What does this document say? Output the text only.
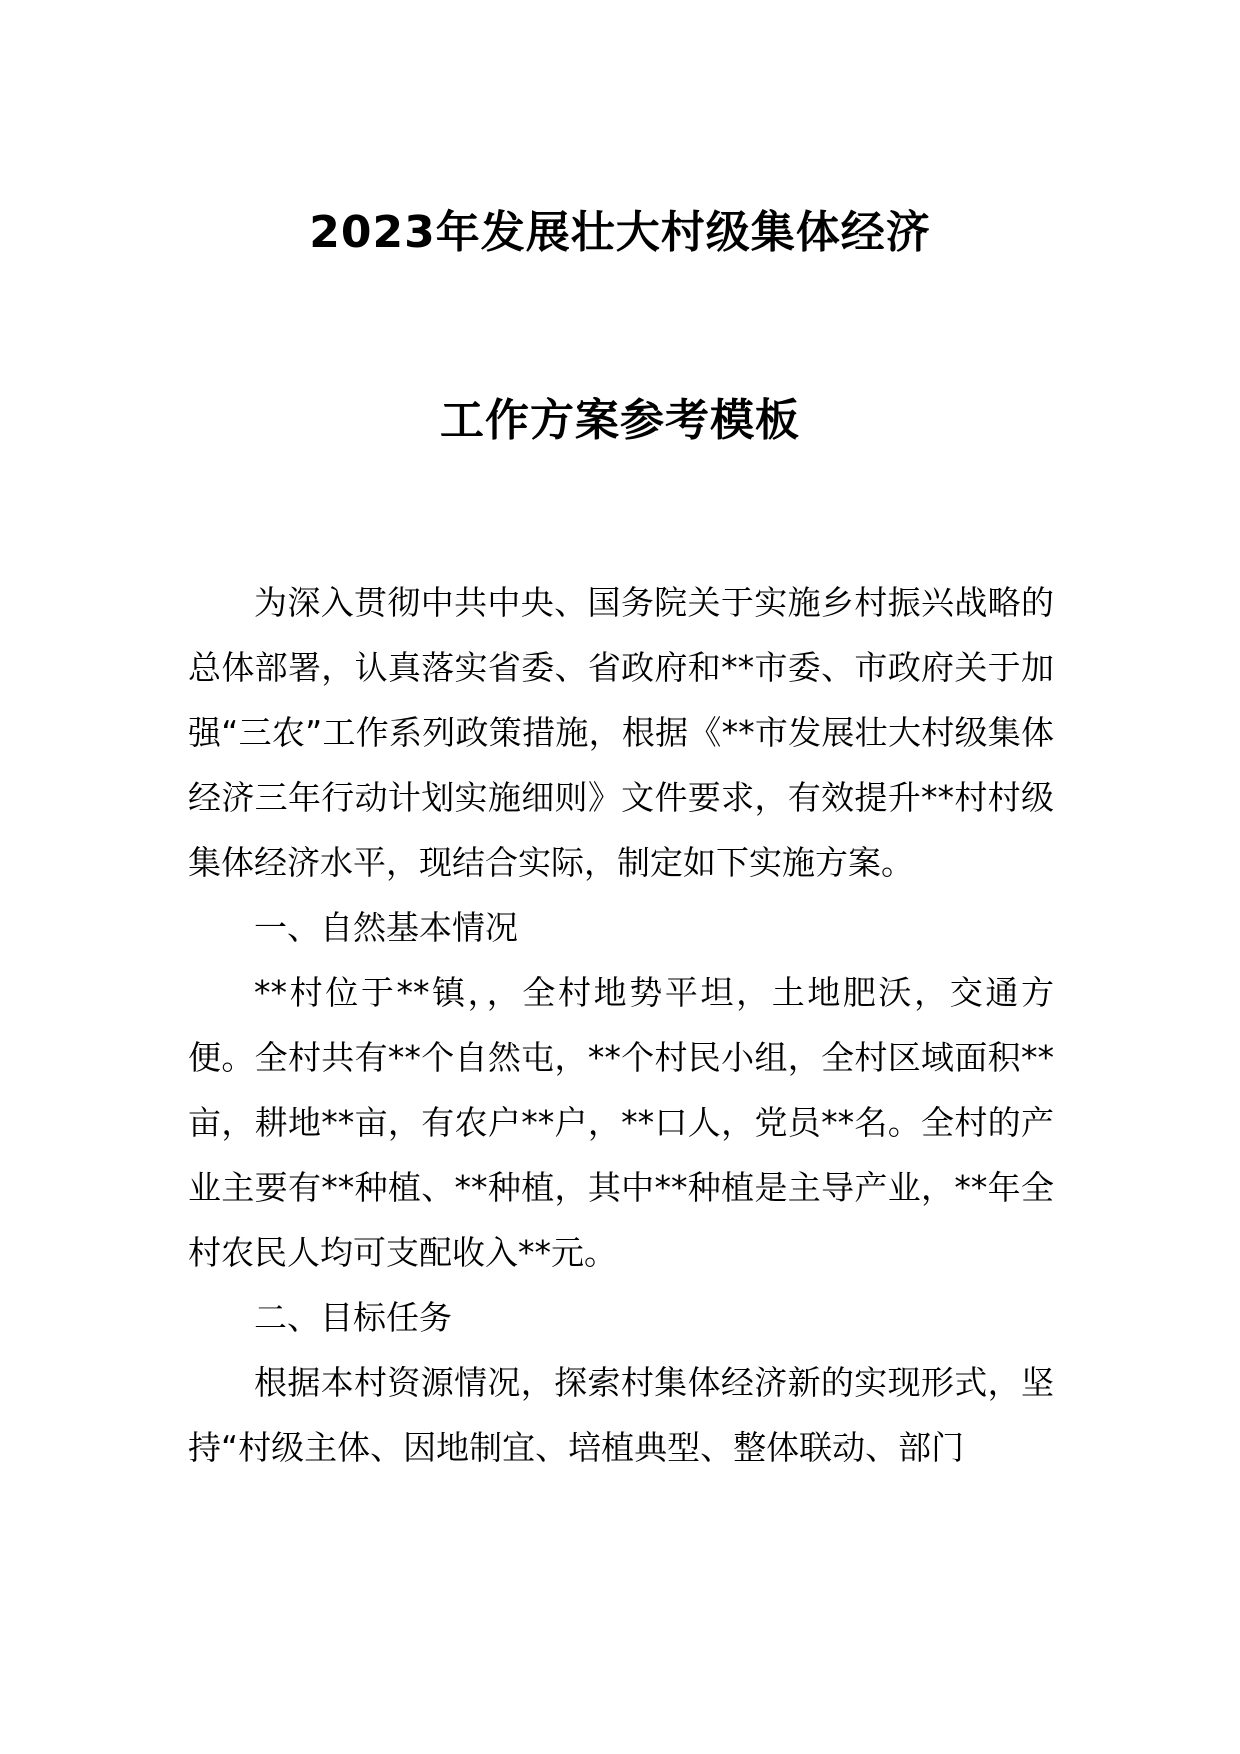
2023年发展壮大村级集体经济
工作方案参考模板

为深入贯彻中共中央、国务院关于实施乡村振兴战略的总体部署，认真落实省委、省政府和**市委、市政府关于加强“三农”工作系列政策措施，根据《**市发展壮大村级集体经济三年行动计划实施细则》文件要求，有效提升**村村级集体经济水平，现结合实际，制定如下实施方案。

一、自然基本情况

**村位于**镇，，全村地势平坦，土地肥沃，交通方便。全村共有**个自然屯，**个村民小组，全村区域面积**亩，耕地**亩，有农户**户，**口人，党员**名。全村的产业主要有**种植、**种植，其中**种植是主导产业，**年全村农民人均可支配收入**元。

二、目标任务

根据本村资源情况，探索村集体经济新的实现形式，坚持“村级主体、因地制宜、培植典型、整体联动、部门
